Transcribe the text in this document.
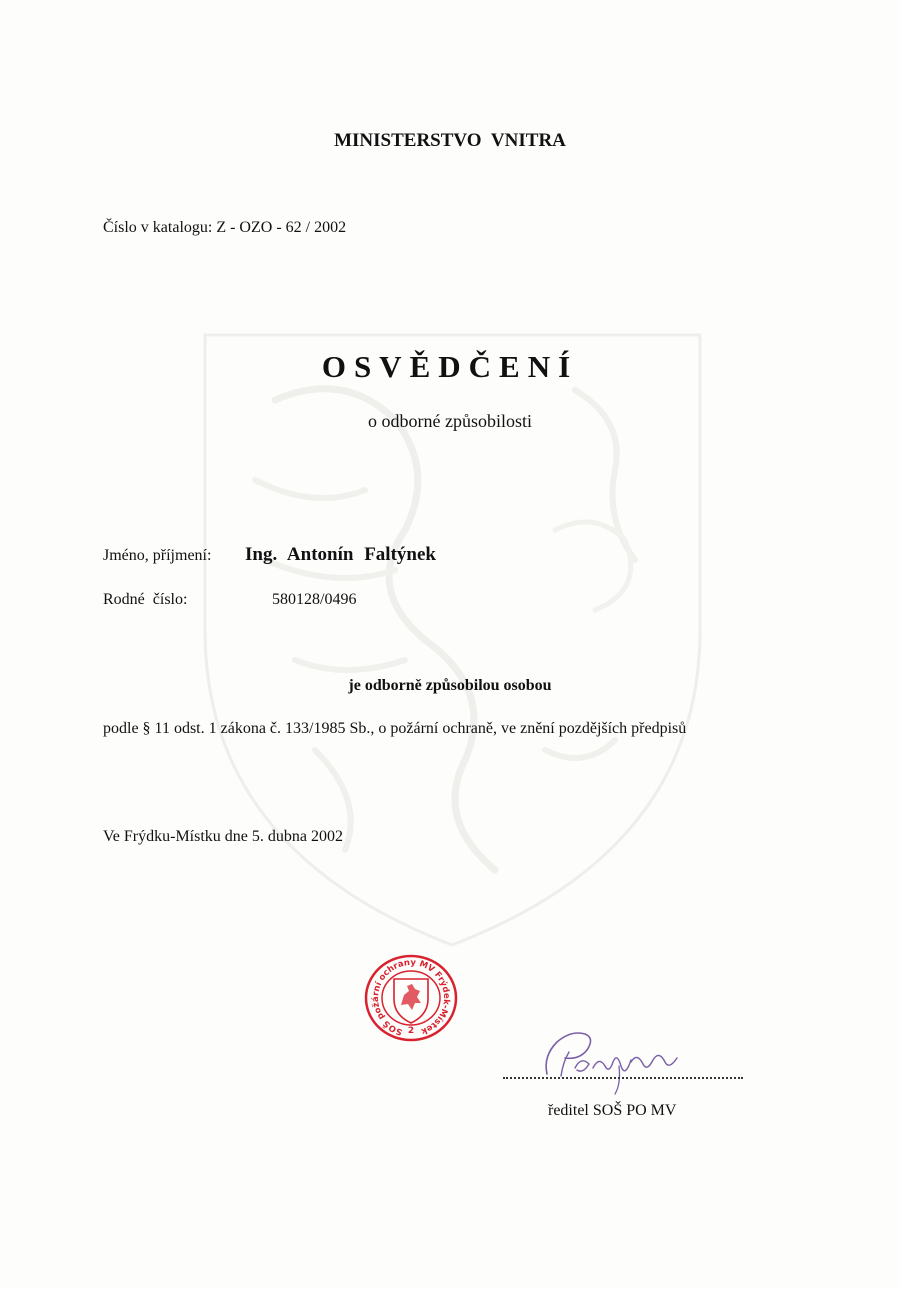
MINISTERSTVO VNITRA
Číslo v katalogu: Z - OZO - 62 / 2002
OSVĚDČENÍ
o odborné způsobilosti
Jméno, příjmení: Ing. Antonín Faltýnek
Rodné číslo:	580128/0496
je odborně způsobilou osobou
podle § 11 odst. 1 zákona č. 133/1985 Sb., o požární ochraně, ve znění pozdějších předpisů
Ve Frýdku-Místku dne 5. dubna 2002
SOŠ požární ochrany MV Frýdek-Místek
2
ředitel SOŠ PO MV
